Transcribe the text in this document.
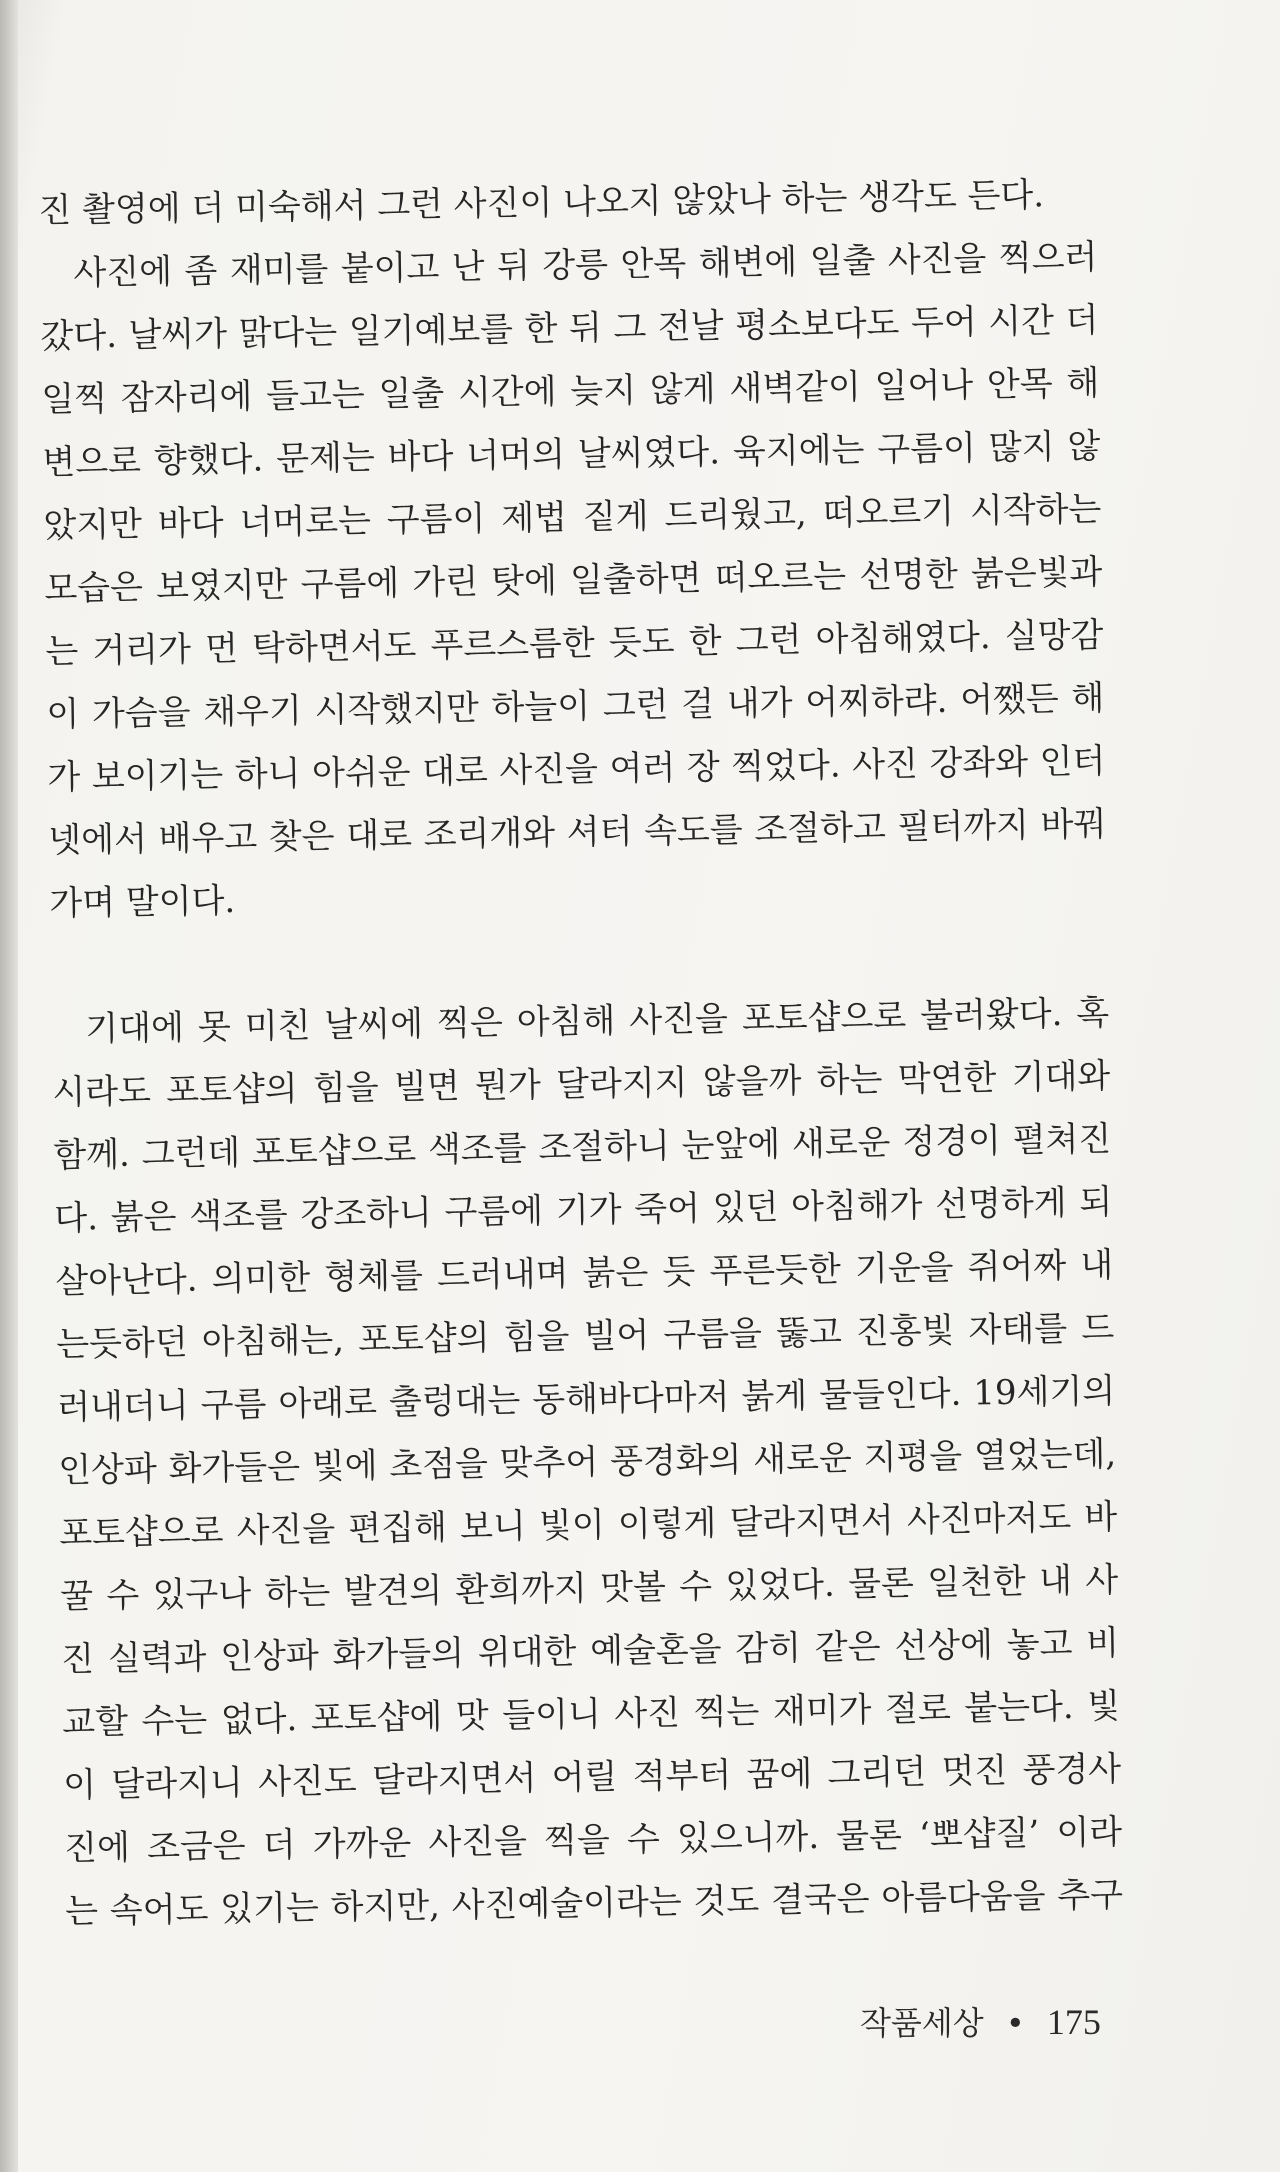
진 촬영에 더 미숙해서 그런 사진이 나오지 않았나 하는 생각도 든다.
사진에 좀 재미를 붙이고 난 뒤 강릉 안목 해변에 일출 사진을 찍으러
갔다. 날씨가 맑다는 일기예보를 한 뒤 그 전날 평소보다도 두어 시간 더
일찍 잠자리에 들고는 일출 시간에 늦지 않게 새벽같이 일어나 안목 해
변으로 향했다. 문제는 바다 너머의 날씨였다. 육지에는 구름이 많지 않
았지만 바다 너머로는 구름이 제법 짙게 드리웠고, 떠오르기 시작하는
모습은 보였지만 구름에 가린 탓에 일출하면 떠오르는 선명한 붉은빛과
는 거리가 먼 탁하면서도 푸르스름한 듯도 한 그런 아침해였다. 실망감
이 가슴을 채우기 시작했지만 하늘이 그런 걸 내가 어찌하랴. 어쨌든 해
가 보이기는 하니 아쉬운 대로 사진을 여러 장 찍었다. 사진 강좌와 인터
넷에서 배우고 찾은 대로 조리개와 셔터 속도를 조절하고 필터까지 바꿔
가며 말이다.
기대에 못 미친 날씨에 찍은 아침해 사진을 포토샵으로 불러왔다. 혹
시라도 포토샵의 힘을 빌면 뭔가 달라지지 않을까 하는 막연한 기대와
함께. 그런데 포토샵으로 색조를 조절하니 눈앞에 새로운 정경이 펼쳐진
다. 붉은 색조를 강조하니 구름에 기가 죽어 있던 아침해가 선명하게 되
살아난다. 의미한 형체를 드러내며 붉은 듯 푸른듯한 기운을 쥐어짜 내
는듯하던 아침해는, 포토샵의 힘을 빌어 구름을 뚫고 진홍빛 자태를 드
러내더니 구름 아래로 출렁대는 동해바다마저 붉게 물들인다. 19세기의
인상파 화가들은 빛에 초점을 맞추어 풍경화의 새로운 지평을 열었는데,
포토샵으로 사진을 편집해 보니 빛이 이렇게 달라지면서 사진마저도 바
꿀 수 있구나 하는 발견의 환희까지 맛볼 수 있었다. 물론 일천한 내 사
진 실력과 인상파 화가들의 위대한 예술혼을 감히 같은 선상에 놓고 비
교할 수는 없다. 포토샵에 맛 들이니 사진 찍는 재미가 절로 붙는다. 빛
이 달라지니 사진도 달라지면서 어릴 적부터 꿈에 그리던 멋진 풍경사
진에 조금은 더 가까운 사진을 찍을 수 있으니까. 물론 ‘뽀샵질’ 이라
는 속어도 있기는 하지만, 사진예술이라는 것도 결국은 아름다움을 추구
작품세상 • 175
